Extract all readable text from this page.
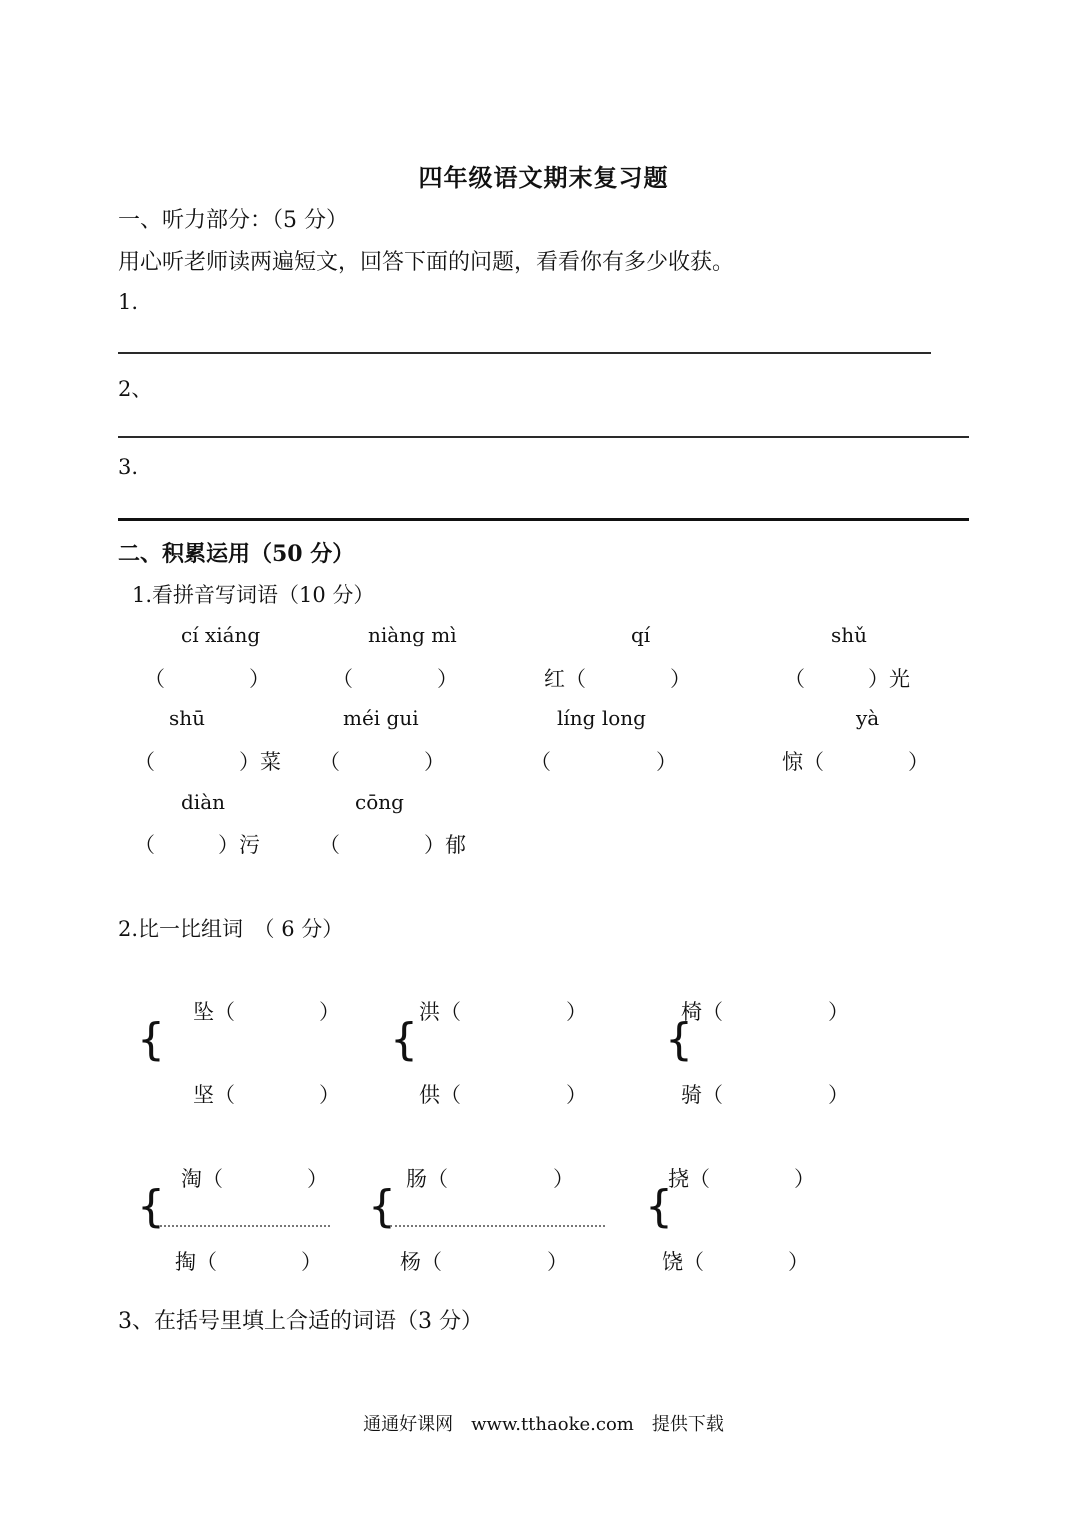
四年级语文期末复习题
一、听力部分：（5 分）
用心听老师读两遍短文，回答下面的问题，看看你有多少收获。
1.
2、
3.
二、积累运用（50 分）
1.看拼音写词语（10 分）
cí xiáng	niàng mì	qí	shǔ
（　　　　）	（　　　　）	红（　　　　）	（　　　）光
shū	méi gui	líng long	yà
（　　　　）菜 （　　　　）	（　　　　　）	惊（　　　　）
diàn	cōng
（　　　）污	（　　　　）郁
2.比一比组词　（ 6 分）
{
坠（　　　　）
坚（　　　　）
{
洪（　　　　　）
供（　　　　　）
{
椅（　　　　　）
骑（　　　　　）
{
淘（　　　　）
掏（　　　　）
{
肠（　　　　　）
杨（　　　　　）
{
挠（　　　　）
饶（　　　　）
3、在括号里填上合适的词语（3 分）
通通好课网　www.tthaoke.com　提供下载
